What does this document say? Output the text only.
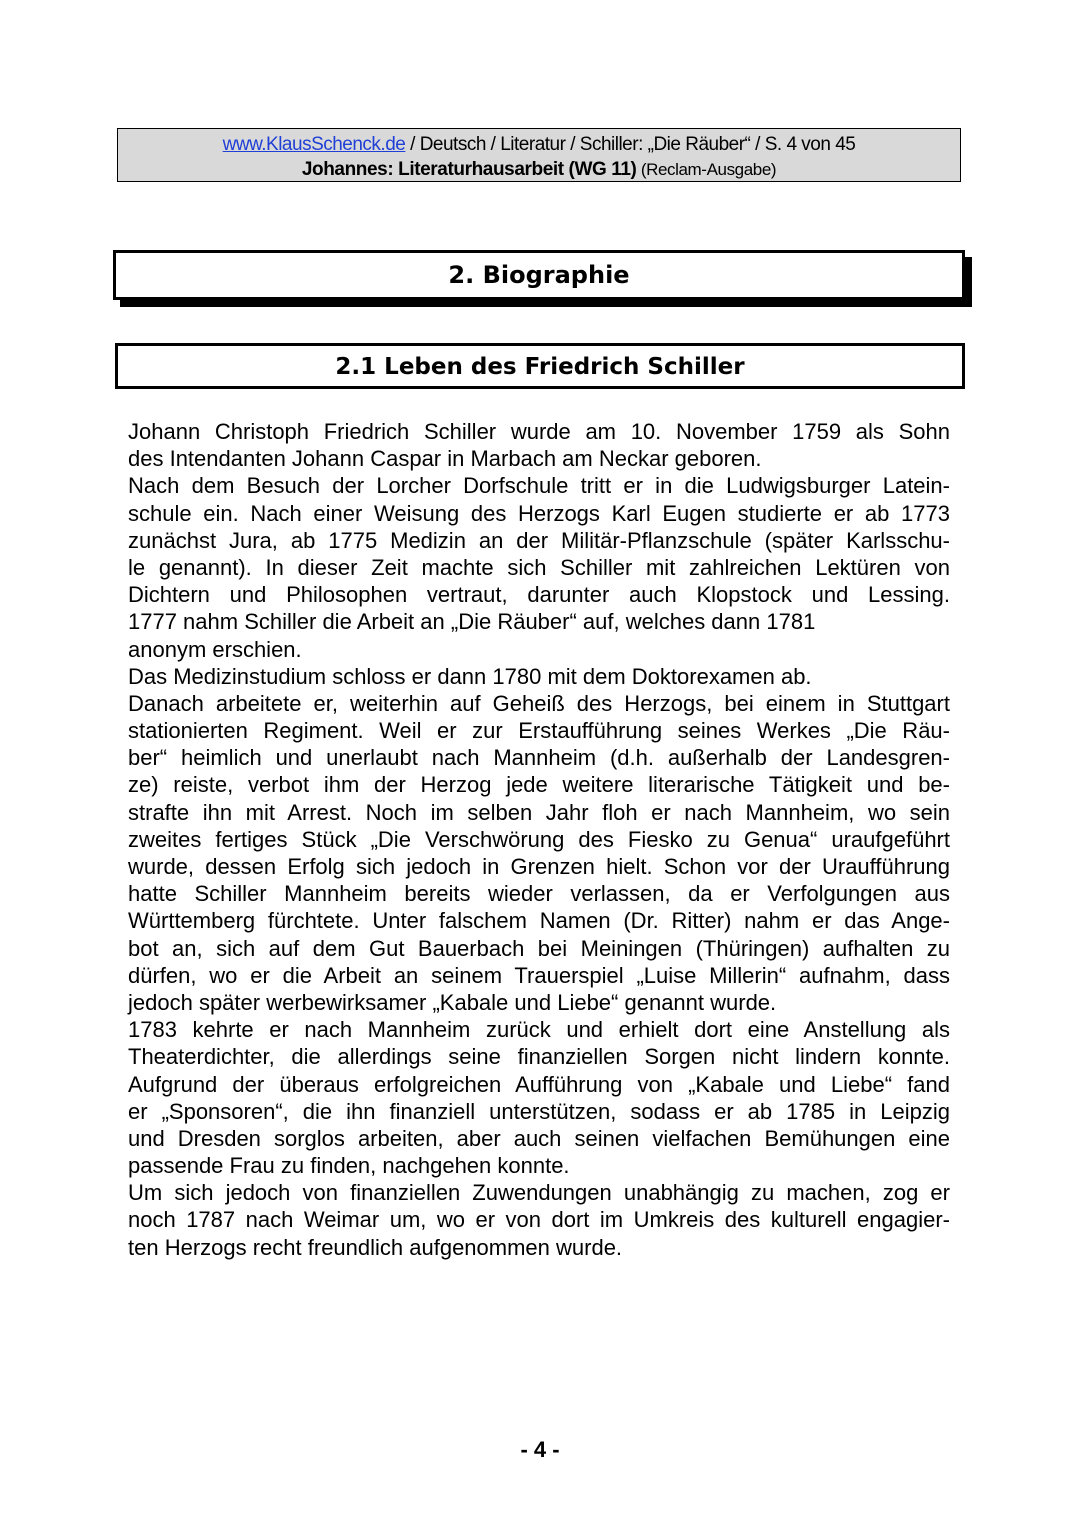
www.KlausSchenck.de / Deutsch / Literatur / Schiller: „Die Räuber“ / S. 4 von 45
Johannes: Literaturhausarbeit (WG 11) (Reclam-Ausgabe)
2. Biographie
2.1 Leben des Friedrich Schiller
Johann Christoph Friedrich Schiller wurde am 10. November 1759 als Sohn
des Intendanten Johann Caspar in Marbach am Neckar geboren.
Nach dem Besuch der Lorcher Dorfschule tritt er in die Ludwigsburger Latein-
schule ein. Nach einer Weisung des Herzogs Karl Eugen studierte er ab 1773
zunächst Jura, ab 1775 Medizin an der Militär-Pflanzschule (später Karlsschu-
le genannt). In dieser Zeit machte sich Schiller mit zahlreichen Lektüren von
Dichtern und Philosophen vertraut, darunter auch Klopstock und Lessing.
1777 nahm Schiller die Arbeit an „Die Räuber“ auf, welches dann 1781
anonym erschien.
Das Medizinstudium schloss er dann 1780 mit dem Doktorexamen ab.
Danach arbeitete er, weiterhin auf Geheiß des Herzogs, bei einem in Stuttgart
stationierten Regiment. Weil er zur Erstaufführung seines Werkes „Die Räu-
ber“ heimlich und unerlaubt nach Mannheim (d.h. außerhalb der Landesgren-
ze) reiste, verbot ihm der Herzog jede weitere literarische Tätigkeit und be-
strafte ihn mit Arrest. Noch im selben Jahr floh er nach Mannheim, wo sein
zweites fertiges Stück „Die Verschwörung des Fiesko zu Genua“ uraufgeführt
wurde, dessen Erfolg sich jedoch in Grenzen hielt. Schon vor der Uraufführung
hatte Schiller Mannheim bereits wieder verlassen, da er Verfolgungen aus
Württemberg fürchtete. Unter falschem Namen (Dr. Ritter) nahm er das Ange-
bot an, sich auf dem Gut Bauerbach bei Meiningen (Thüringen) aufhalten zu
dürfen, wo er die Arbeit an seinem Trauerspiel „Luise Millerin“ aufnahm, dass
jedoch später werbewirksamer „Kabale und Liebe“ genannt wurde.
1783 kehrte er nach Mannheim zurück und erhielt dort eine Anstellung als
Theaterdichter, die allerdings seine finanziellen Sorgen nicht lindern konnte.
Aufgrund der überaus erfolgreichen Aufführung von „Kabale und Liebe“ fand
er „Sponsoren“, die ihn finanziell unterstützen, sodass er ab 1785 in Leipzig
und Dresden sorglos arbeiten, aber auch seinen vielfachen Bemühungen eine
passende Frau zu finden, nachgehen konnte.
Um sich jedoch von finanziellen Zuwendungen unabhängig zu machen, zog er
noch 1787 nach Weimar um, wo er von dort im Umkreis des kulturell engagier-
ten Herzogs recht freundlich aufgenommen wurde.
- 4 -
